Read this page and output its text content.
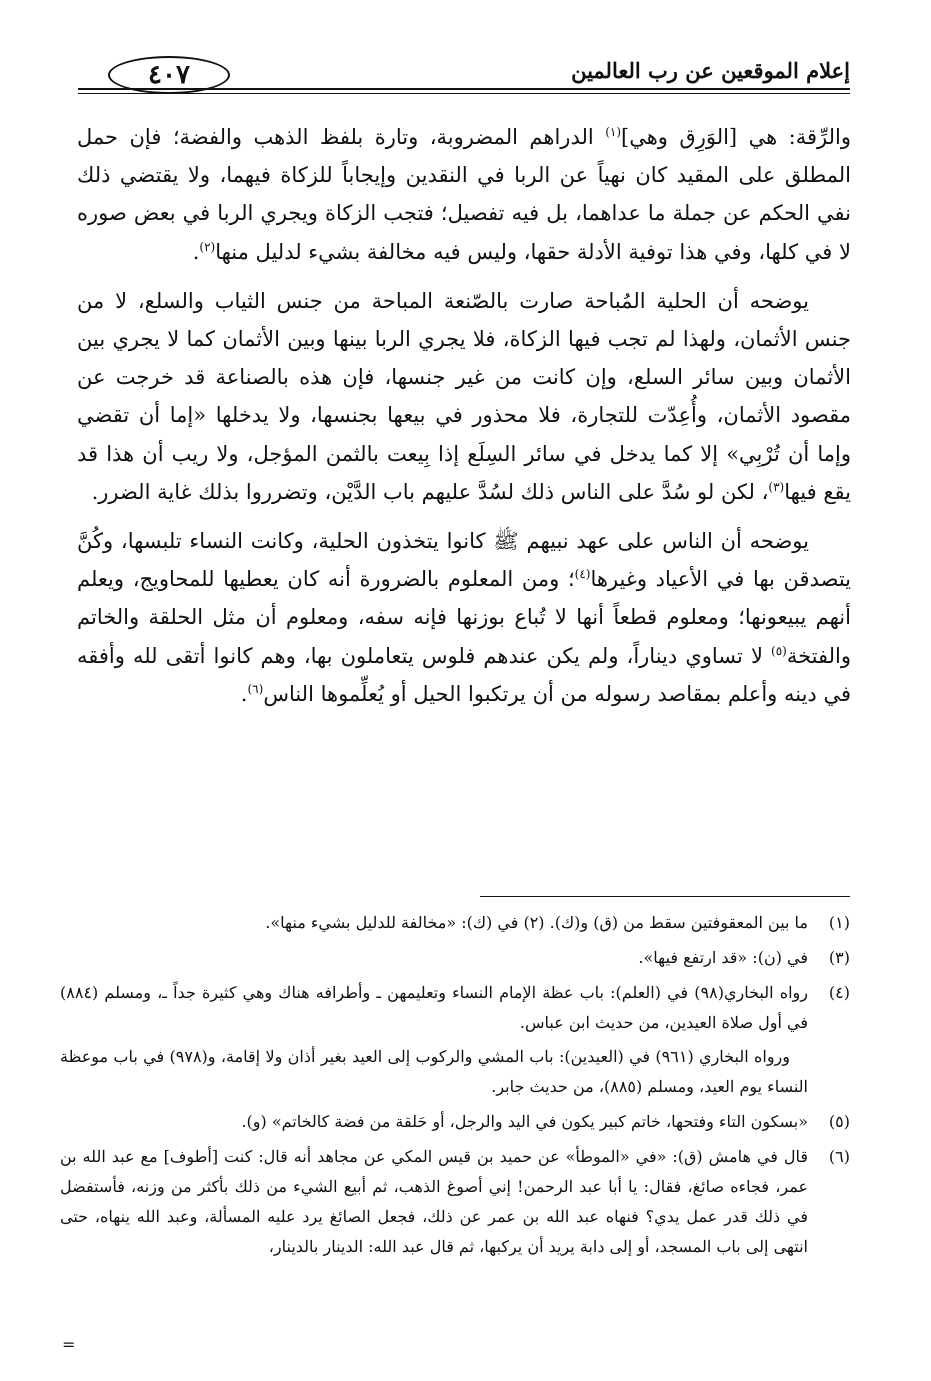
إعلام الموقعين عن رب العالمين
٤٠٧

والرِّقة: هي [الوَرِق وهي]$^{(١)}$ الدراهم المضروبة، وتارة بلفظ الذهب والفضة؛ فإن حمل المطلق على المقيد كان نهياً عن الربا في النقدين وإيجاباً للزكاة فيهما، ولا يقتضي ذلك نفي الحكم عن جملة ما عداهما، بل فيه تفصيل؛ فتجب الزكاة ويجري الربا في بعض صوره لا في كلها، وفي هذا توفية الأدلة حقها، وليس فيه مخالفة بشيء لدليل منها$^{(٢)}$.

يوضحه أن الحلية المُباحة صارت بالصّنعة المباحة من جنس الثياب والسلع، لا من جنس الأثمان، ولهذا لم تجب فيها الزكاة، فلا يجري الربا بينها وبين الأثمان كما لا يجري بين الأثمان وبين سائر السلع، وإن كانت من غير جنسها، فإن هذه بالصناعة قد خرجت عن مقصود الأثمان، وأُعِدّت للتجارة، فلا محذور في بيعها بجنسها، ولا يدخلها «إما أن تقضي وإما أن تُرْبِي» إلا كما يدخل في سائر السِلَع إذا بِيعت بالثمن المؤجل، ولا ريب أن هذا قد يقع فيها$^{(٣)}$، لكن لو سُدَّ على الناس ذلك لسُدَّ عليهم باب الدَّيْن، وتضرروا بذلك غاية الضرر.

يوضحه أن الناس على عهد نبيهم ﷺ كانوا يتخذون الحلية، وكانت النساء تلبسها، وكُنَّ يتصدقن بها في الأعياد وغيرها$^{(٤)}$؛ ومن المعلوم بالضرورة أنه كان يعطيها للمحاويج، ويعلم أنهم يبيعونها؛ ومعلوم قطعاً أنها لا تُباع بوزنها فإنه سفه، ومعلوم أن مثل الحلقة والخاتم والفتخة$^{(٥)}$ لا تساوي ديناراً، ولم يكن عندهم فلوس يتعاملون بها، وهم كانوا أتقى لله وأفقه في دينه وأعلم بمقاصد رسوله من أن يرتكبوا الحيل أو يُعلِّموها الناس$^{(٦)}$.

(١)

ما بين المعقوفتين سقط من (ق) و(ك). (٢) في (ك): «مخالفة للدليل بشيء منها».

(٣)

في (ن): «قد ارتفع فيها».

(٤)

رواه البخاري(٩٨) في (العلم): باب عظة الإمام النساء وتعليمهن ـ وأطرافه هناك وهي كثيرة جداً ـ، ومسلم (٨٨٤) في أول صلاة العيدين، من حديث ابن عباس.

ورواه البخاري (٩٦١) في (العيدين): باب المشي والركوب إلى العيد بغير أذان ولا إقامة، و(٩٧٨) في باب موعظة النساء يوم العيد، ومسلم (٨٨٥)، من حديث جابر.

(٥)

«بسكون التاء وفتحها، خاتم كبير يكون في اليد والرجل، أو حَلقة من فضة كالخاتم» (و).

(٦)

قال في هامش (ق): «في «الموطأ» عن حميد بن قيس المكي عن مجاهد أنه قال: كنت [أطوف] مع عبد الله بن عمر، فجاءه صائغ، فقال: يا أبا عبد الرحمن! إني أصوغ الذهب، ثم أبيع الشيء من ذلك بأكثر من وزنه، فأستفضل في ذلك قدر عمل يدي؟ فنهاه عبد الله بن عمر عن ذلك، فجعل الصائغ يرد عليه المسألة، وعبد الله ينهاه، حتى انتهى إلى باب المسجد، أو إلى دابة يريد أن يركبها، ثم قال عبد الله: الدينار بالدينار،

=
